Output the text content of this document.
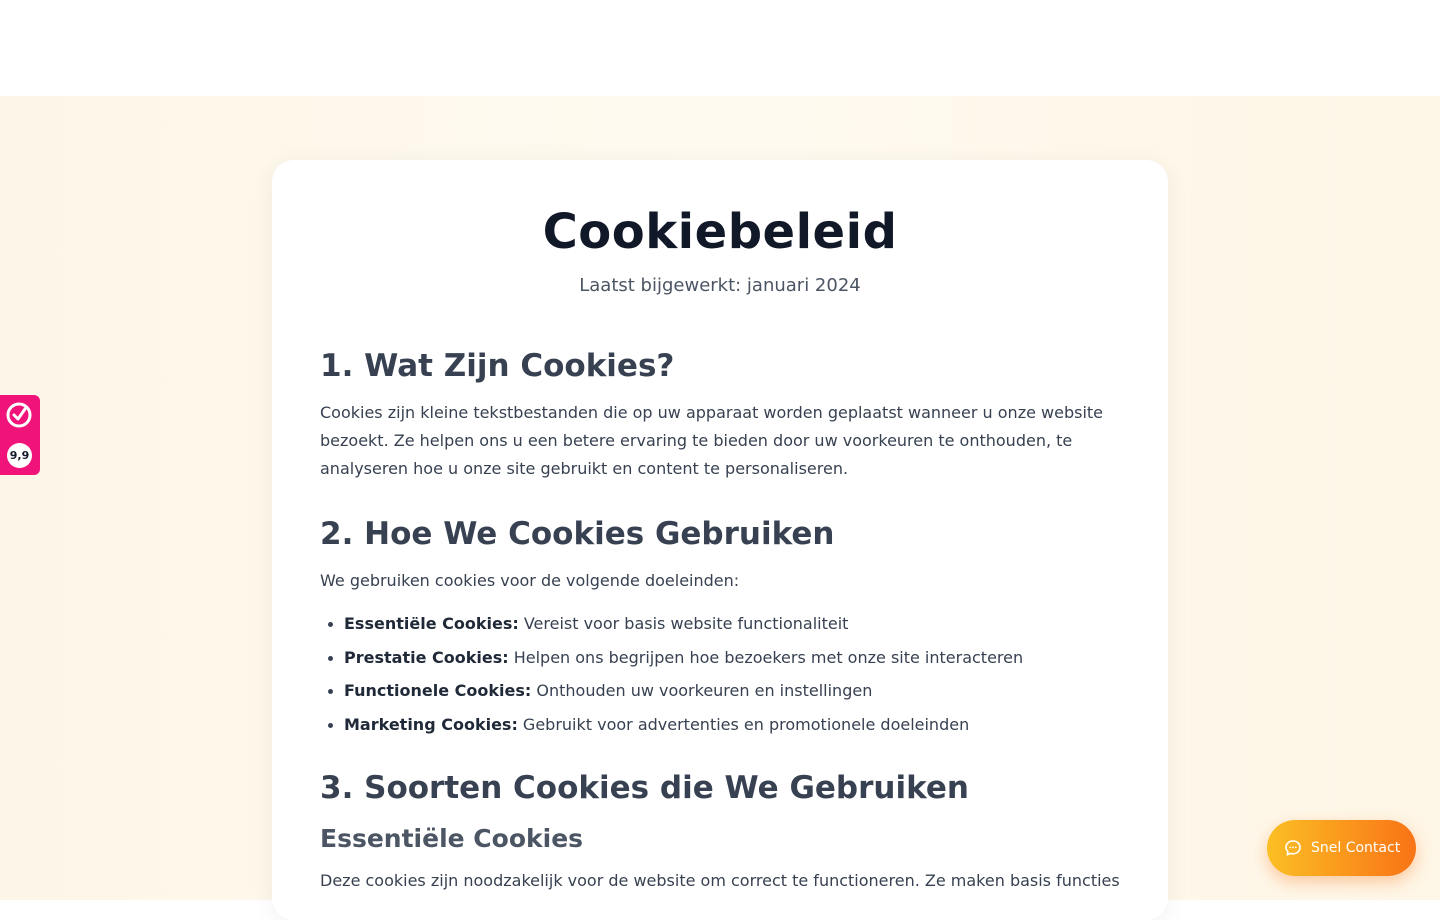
Cookiebeleid

Laatst bijgewerkt: januari 2024

1. Wat Zijn Cookies?

Cookies zijn kleine tekstbestanden die op uw apparaat worden geplaatst wanneer u onze website bezoekt. Ze helpen ons u een betere ervaring te bieden door uw voorkeuren te onthouden, te analyseren hoe u onze site gebruikt en content te personaliseren.

2. Hoe We Cookies Gebruiken

We gebruiken cookies voor de volgende doeleinden:

Essentiële Cookies: Vereist voor basis website functionaliteit
Prestatie Cookies: Helpen ons begrijpen hoe bezoekers met onze site interacteren
Functionele Cookies: Onthouden uw voorkeuren en instellingen
Marketing Cookies: Gebruikt voor advertenties en promotionele doeleinden
3. Soorten Cookies die We Gebruiken
Essentiële Cookies

Deze cookies zijn noodzakelijk voor de website om correct te functioneren. Ze maken basis functies

9,9
Snel Contact
